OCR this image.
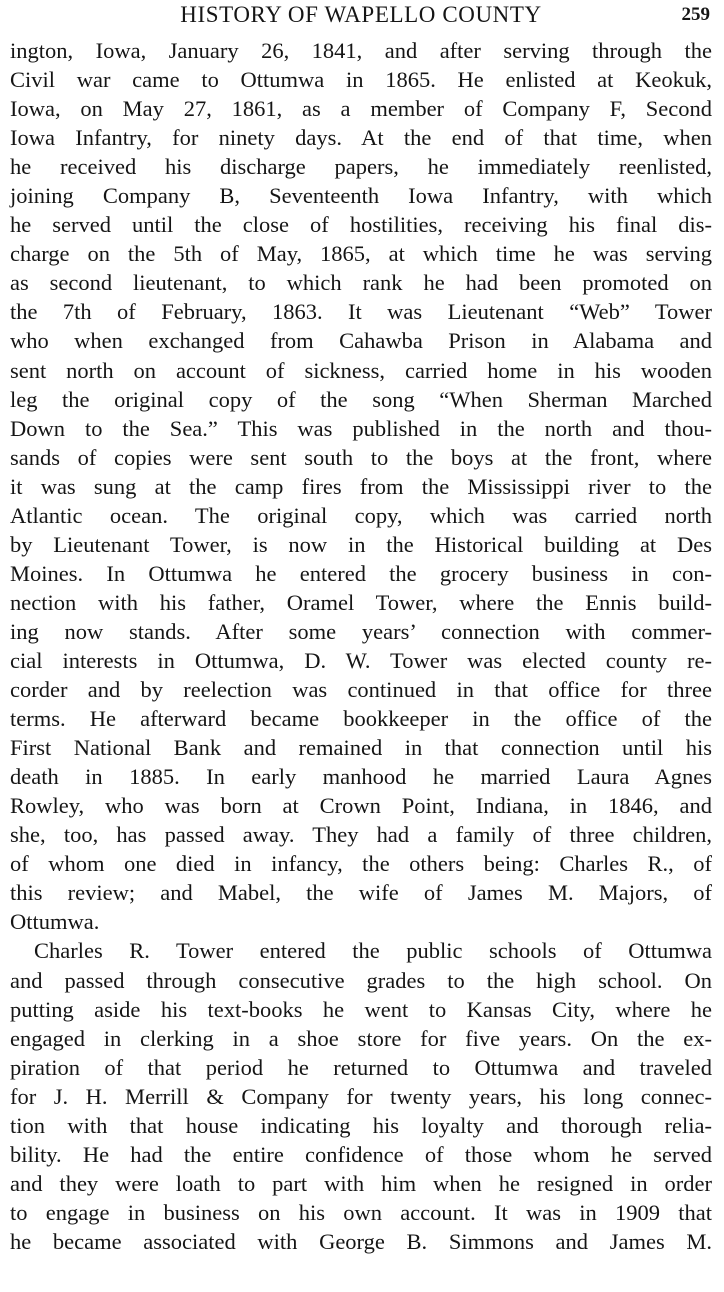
HISTORY OF WAPELLO COUNTY	259
ington, Iowa, January 26, 1841, and after serving through the
Civil war came to Ottumwa in 1865. He enlisted at Keokuk,
Iowa, on May 27, 1861, as a member of Company F, Second
Iowa Infantry, for ninety days. At the end of that time, when
he received his discharge papers, he immediately reenlisted,
joining Company B, Seventeenth Iowa Infantry, with which
he served until the close of hostilities, receiving his final dis-
charge on the 5th of May, 1865, at which time he was serving
as second lieutenant, to which rank he had been promoted on
the 7th of February, 1863. It was Lieutenant “Web” Tower
who when exchanged from Cahawba Prison in Alabama and
sent north on account of sickness, carried home in his wooden
leg the original copy of the song “When Sherman Marched
Down to the Sea.” This was published in the north and thou-
sands of copies were sent south to the boys at the front, where
it was sung at the camp fires from the Mississippi river to the
Atlantic ocean. The original copy, which was carried north
by Lieutenant Tower, is now in the Historical building at Des
Moines. In Ottumwa he entered the grocery business in con-
nection with his father, Oramel Tower, where the Ennis build-
ing now stands. After some years’ connection with commer-
cial interests in Ottumwa, D. W. Tower was elected county re-
corder and by reelection was continued in that office for three
terms. He afterward became bookkeeper in the office of the
First National Bank and remained in that connection until his
death in 1885. In early manhood he married Laura Agnes
Rowley, who was born at Crown Point, Indiana, in 1846, and
she, too, has passed away. They had a family of three children,
of whom one died in infancy, the others being: Charles R., of
this review; and Mabel, the wife of James M. Majors, of
Ottumwa.
Charles R. Tower entered the public schools of Ottumwa
and passed through consecutive grades to the high school. On
putting aside his text-books he went to Kansas City, where he
engaged in clerking in a shoe store for five years. On the ex-
piration of that period he returned to Ottumwa and traveled
for J. H. Merrill & Company for twenty years, his long connec-
tion with that house indicating his loyalty and thorough relia-
bility. He had the entire confidence of those whom he served
and they were loath to part with him when he resigned in order
to engage in business on his own account. It was in 1909 that
he became associated with George B. Simmons and James M.
